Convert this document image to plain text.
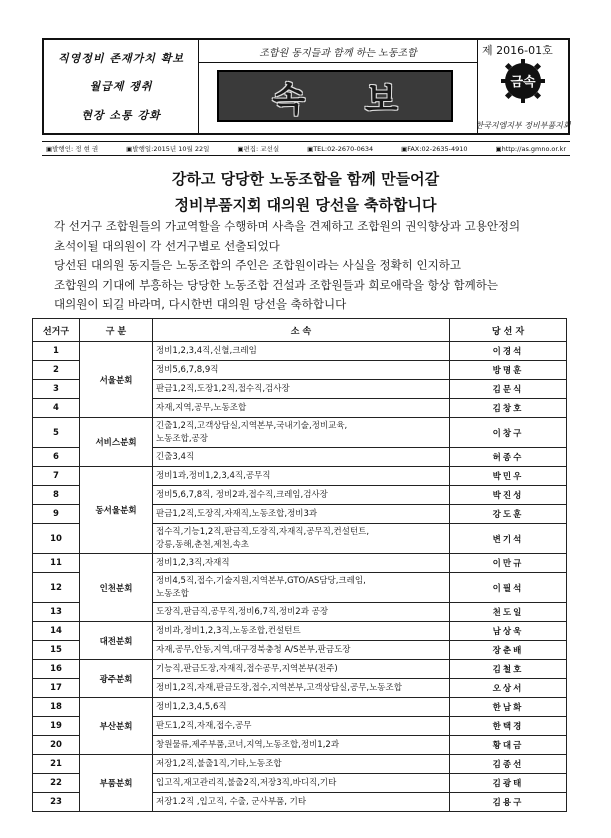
직영정비 존재가치 확보
월급제 쟁취
현장 소통 강화
조합원 동지들과 함께 하는 노동조합
속 보
제 2016-01호
금속
한국지엠지부 정비부품지회
▣발행인: 정 현 권	▣발행일:2015년 10월 22일	▣편집: 교선실	▣TEL:02-2670-0634	▣FAX:02-2635-4910	▣http://as.gmno.or.kr
강하고 당당한 노동조합을 함께 만들어갈
정비부품지회 대의원 당선을 축하합니다
각 선거구 조합원들의 가교역할을 수행하며 사측을 견제하고 조합원의 권익향상과 고용안정의
초석이될 대의원이 각 선거구별로 선출되었다
당선된 대의원 동지들은 노동조합의 주인은 조합원이라는 사실을 정확히 인지하고
조합원의 기대에 부흥하는 당당한 노동조합 건설과 조합원들과 희로애락을 항상 함께하는
대의원이 되길 바라며, 다시한번 대의원 당선을 축하합니다
선거구	구 분	소 속	당 선 자
1	서울분회	정비1,2,3,4직,신혈,크레임	이경석
2		정비5,6,7,8,9직	방명훈
3		판금1,2직,도장1,2직,접수직,검사장	김문식
4		자재,지역,공무,노동조합	김창호
5	서비스분회	긴출1,2직,고객상담실,지역본부,국내기술,정비교육,
노동조합,공장	이창구
6		긴출3,4직	허종수
7	동서울분회	정비1과,정비1,2,3,4직,공무직	박민우
8		정비5,6,7,8직, 정비2과,접수직,크레임,검사장	박진성
9		판금1,2직,도장직,자재직,노동조합,정비3과	강도훈
10		접수직,기능1,2직,판금직,도장직,자재직,공무직,컨설턴트,
강릉,동해,춘천,제천,속초	변기석
11	인천분회	정비1,2,3직,자재직	이만규
12		정비4,5직,접수,기술지원,지역본부,GTO/AS담당,크레임,
노동조합	이필석
13		도장직,판금직,공무직,정비6,7직,정비2과 공장	천도일
14	대전분회	정비과,정비1,2,3직,노동조합,컨설턴트	남상욱
15		자재,공무,안동,지역,대구경북충청 A/S본부,판금도장	장춘배
16	광주분회	기능직,판금도장,자재직,접수공무,지역본부(전주)	김철호
17		정비1,2직,자재,판금도장,접수,지역본부,고객상담실,공무,노동조합	오상서
18	부산분회	정비1,2,3,4,5,6직	한남화
19		판도1,2직,자재,접수,공무	한택경
20		창원물류,제주부품,코너,지역,노동조합,정비1,2과	황대금
21	부품분회	저장1,2직,불출1직,기타,노동조합	김종선
22		입고직,재고관리직,불출2직,저장3직,바디직,기타	김광태
23		저장1.2직 ,입고직, 수출, 군사부품, 기타	김용구
